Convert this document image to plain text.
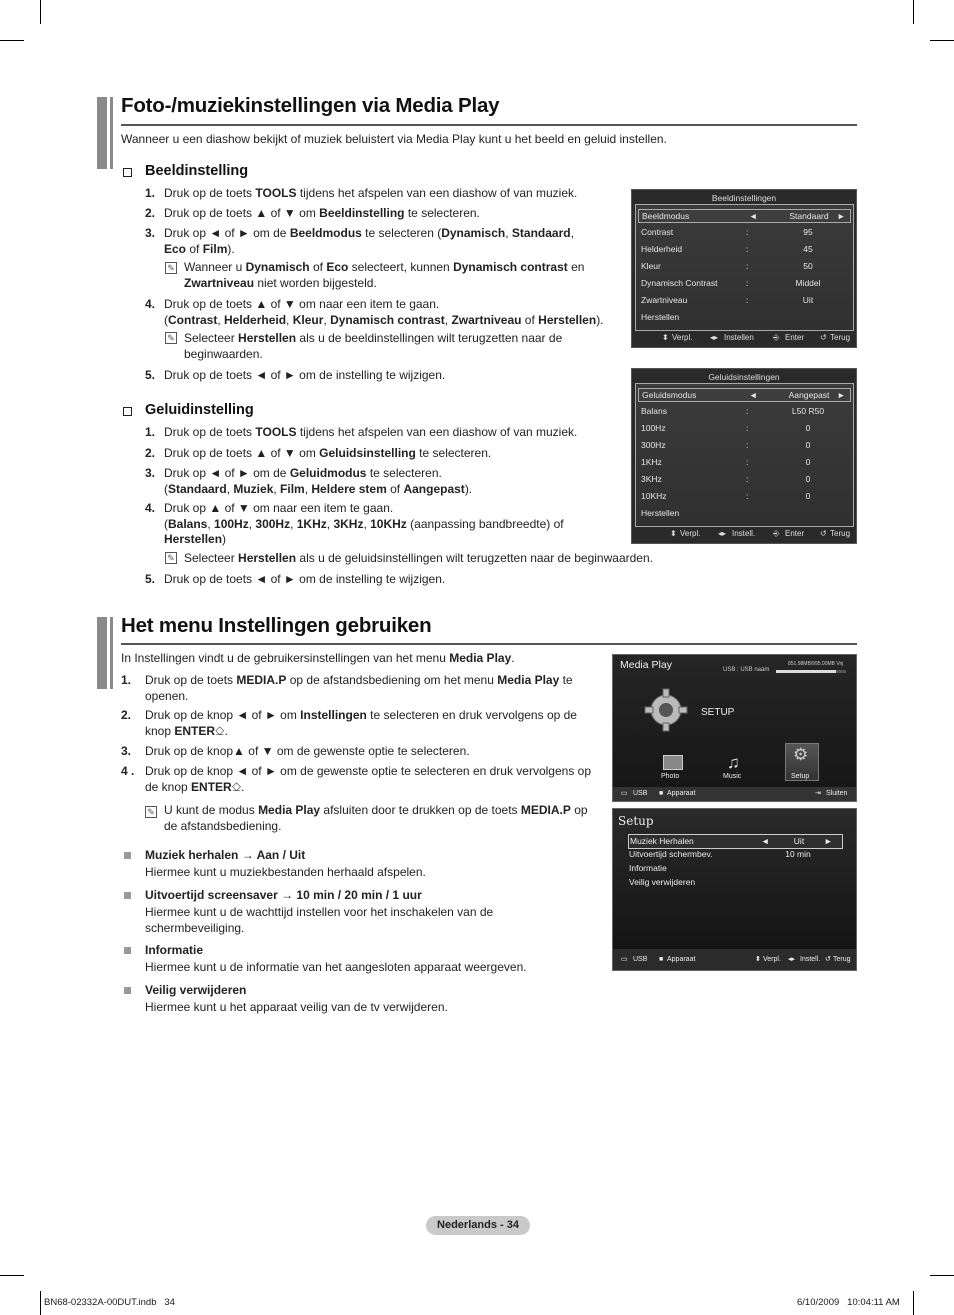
Foto-/muziekinstellingen via Media Play
Wanneer u een diashow bekijkt of muziek beluistert via Media Play kunt u het beeld en geluid instellen.
Beeldinstelling
1. Druk op de toets TOOLS tijdens het afspelen van een diashow of van muziek.
2. Druk op de toets ▲ of ▼ om Beeldinstelling te selecteren.
3. Druk op ◄ of ► om de Beeldmodus te selecteren (Dynamisch, Standaard,
Eco of Film).
4. Druk op de toets ▲ of ▼ om naar een item te gaan.
(Contrast, Helderheid, Kleur, Dynamisch contrast, Zwartniveau of Herstellen).
5. Druk op de toets ◄ of ► om de instelling te wijzigen.
✎ Wanneer u Dynamisch of Eco selecteert, kunnen Dynamisch contrast en
Zwartniveau niet worden bijgesteld.
✎ Selecteer Herstellen als u de beeldinstellingen wilt terugzetten naar de
beginwaarden.
Geluidinstelling
1. Druk op de toets TOOLS tijdens het afspelen van een diashow of van muziek.
2. Druk op de toets ▲ of ▼ om Geluidsinstelling te selecteren.
3. Druk op ◄ of ► om de Geluidmodus te selecteren.
(Standaard, Muziek, Film, Heldere stem of Aangepast).
4. Druk op ▲ of ▼ om naar een item te gaan.
(Balans, 100Hz, 300Hz, 1KHz, 3KHz, 10KHz (aanpassing bandbreedte) of
Herstellen)
5. Druk op de toets ◄ of ► om de instelling te wijzigen.
✎ Selecteer Herstellen als u de geluidsinstellingen wilt terugzetten naar de beginwaarden.
Beeldinstellingen
Beeldmodus	◄	►
Standaard
Contrast	:	95
Helderheid	:	45
Kleur	:	50
Dynamisch Contrast	:	Middel
Zwartniveau	:	Uit
Herstellen
⬍ Verpl. ◂▸ Instellen ⎆ Enter ↺ Terug
Geluidsinstellingen
Geluidsmodus	◄	►
Aangepast
Balans	:	L50 R50
100Hz	:	0
300Hz	:	0
1KHz	:	0
3KHz	:	0
10KHz	:	0
Herstellen
⬍ Verpl. ◂▸ Instell. ⎆ Enter ↺ Terug
Het menu Instellingen gebruiken
In Instellingen vindt u de gebruikersinstellingen van het menu Media Play.
1. Druk op de toets MEDIA.P op de afstandsbediening om het menu Media Play te
openen.
2. Druk op de knop ◄ of ► om Instellingen te selecteren en druk vervolgens op de
knop ENTER⎐.
3. Druk op de knop▲ of ▼ om de gewenste optie te selecteren.
4 . Druk op de knop ◄ of ► om de gewenste optie te selecteren en druk vervolgens op
de knop ENTER⎐.
✎ U kunt de modus Media Play afsluiten door te drukken op de toets MEDIA.P op
de afstandsbediening.
Muziek herhalen → Aan / Uit
Hiermee kunt u muziekbestanden herhaald afspelen.
Uitvoertijd screensaver → 10 min / 20 min / 1 uur
Hiermee kunt u de wachttijd instellen voor het inschakelen van de
schermbeveiliging.
Informatie
Hiermee kunt u de informatie van het aangesloten apparaat weergeven.
Veilig verwijderen
Hiermee kunt u het apparaat veilig van de tv verwijderen.
Media Play	USB : USB naam
851.98MB/995.00MB Vrij
SETUP
Photo
♫
Music
⚙
Setup
▭ USB ■ Apparaat	⇥ Sluiten
Setup
▭ USB ■ Apparaat	⬍ Verpl. ◂▸ Instell. ↺ Terug
Muziek Herhalen	◄	►
Uit
Uitvoertijd schermbev.	10 min
Informatie
Veilig verwijderen
Nederlands - 34
BN68-02332A-00DUT.indb   34	6/10/2009   10:04:11 AM
